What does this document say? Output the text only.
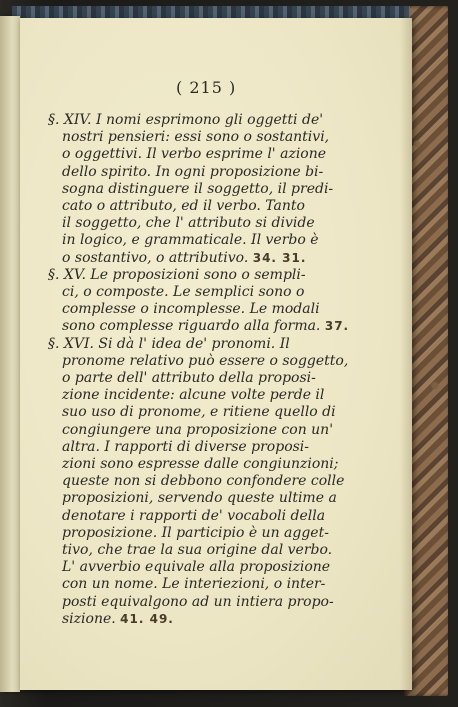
( 215 )

§. XIV. I nomi esprimono gli oggetti de'
nostri pensieri: essi sono o sostantivi,
o oggettivi. Il verbo esprime l' azione
dello spirito. In ogni proposizione bi-
sogna distinguere il soggetto, il predi-
cato o attributo, ed il verbo. Tanto
il soggetto, che l' attributo si divide
in logico, e grammaticale. Il verbo è
o sostantivo, o attributivo. 34. 31.

§. XV. Le proposizioni sono o sempli-
ci, o composte. Le semplici sono o
complesse o incomplesse. Le modali
sono complesse riguardo alla forma. 37.

§. XVI. Si dà l' idea de' pronomi. Il
pronome relativo può essere o soggetto,
o parte dell' attributo della proposi-
zione incidente: alcune volte perde il
suo uso di pronome, e ritiene quello di
congiungere una proposizione con un'
altra. I rapporti di diverse proposi-
zioni sono espresse dalle congiunzioni;
queste non si debbono confondere colle
proposizioni, servendo queste ultime a
denotare i rapporti de' vocaboli della
proposizione. Il participio è un agget-
tivo, che trae la sua origine dal verbo.
L' avverbio equivale alla proposizione
con un nome. Le interiezioni, o inter-
posti equivalgono ad un intiera propo-
sizione. 41. 49.
